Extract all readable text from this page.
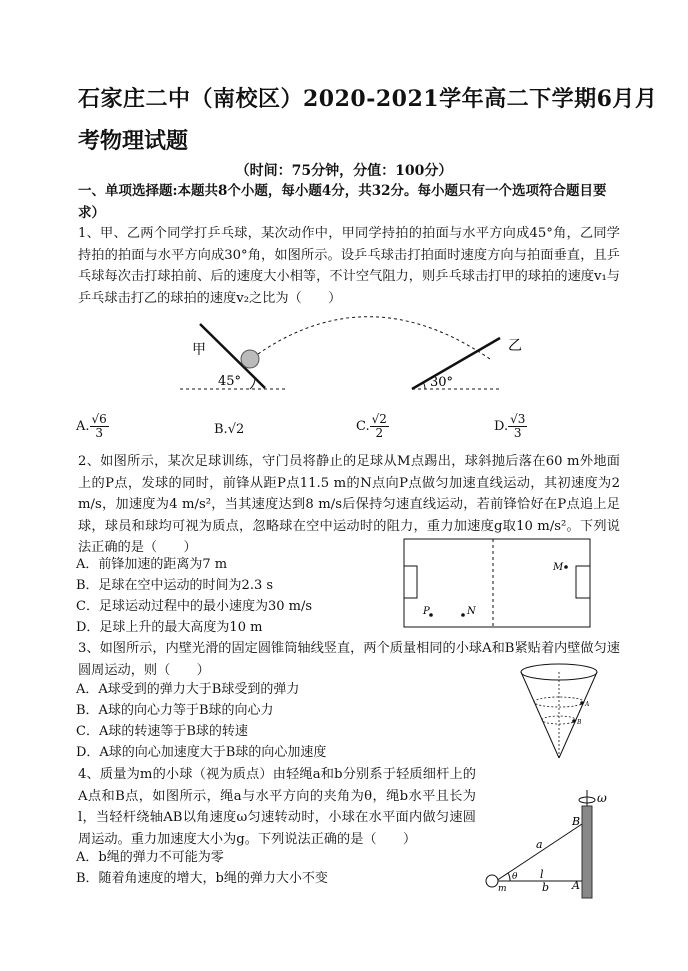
石家庄二中（南校区）2020-2021学年高二下学期6月月
考物理试题
（时间：75分钟，分值：100分）
一、单项选择题:本题共8个小题，每小题4分，共32分。每小题只有一个选项符合题目要求）
1、甲、乙两个同学打乒乓球，某次动作中，甲同学持拍的拍面与水平方向成45°角，乙同学持拍的拍面与水平方向成30°角，如图所示。设乒乓球击打拍面时速度方向与拍面垂直，且乒乓球每次击打球拍前、后的速度大小相等，不计空气阻力，则乒乓球击打甲的球拍的速度v₁与乒乓球击打乙的球拍的速度v₂之比为（　　）
甲
45°
乙
30°
A. $\frac{√6}{3}$	B.√2	C. $\frac{√2}{2}$	D. $\frac{√3}{3}$
2、如图所示，某次足球训练，守门员将静止的足球从M点踢出，球斜抛后落在60 m外地面上的P点，发球的同时，前锋从距P点11.5 m的N点向P点做匀加速直线运动，其初速度为2 m/s，加速度为4 m/s²，当其速度达到8 m/s后保持匀速直线运动，若前锋恰好在P点追上足球，球员和球均可视为质点，忽略球在空中运动时的阻力，重力加速度g取10 m/s²。下列说法正确的是（　　）
M
P	N
A．前锋加速的距离为7 m
B．足球在空中运动的时间为2.3 s
C．足球运动过程中的最小速度为30 m/s
D．足球上升的最大高度为10 m
3、如图所示，内壁光滑的固定圆锥筒轴线竖直，两个质量相同的小球A和B紧贴着内壁做匀速圆周运动，则（　　）
A
B
A．A球受到的弹力大于B球受到的弹力
B．A球的向心力等于B球的向心力
C．A球的转速等于B球的转速
D．A球的向心加速度大于B球的向心加速度
4、质量为m的小球（视为质点）由轻绳a和b分别系于轻质细杆上的A点和B点，如图所示，绳a与水平方向的夹角为θ，绳b水平且长为l，当轻杆绕轴AB以角速度ω匀速转动时，小球在水平面内做匀速圆周运动。重力加速度大小为g。下列说法正确的是（　　）
ω
B
A
a
l
b
m
θ
A．b绳的弹力不可能为零
B．随着角速度的增大，b绳的弹力大小不变
